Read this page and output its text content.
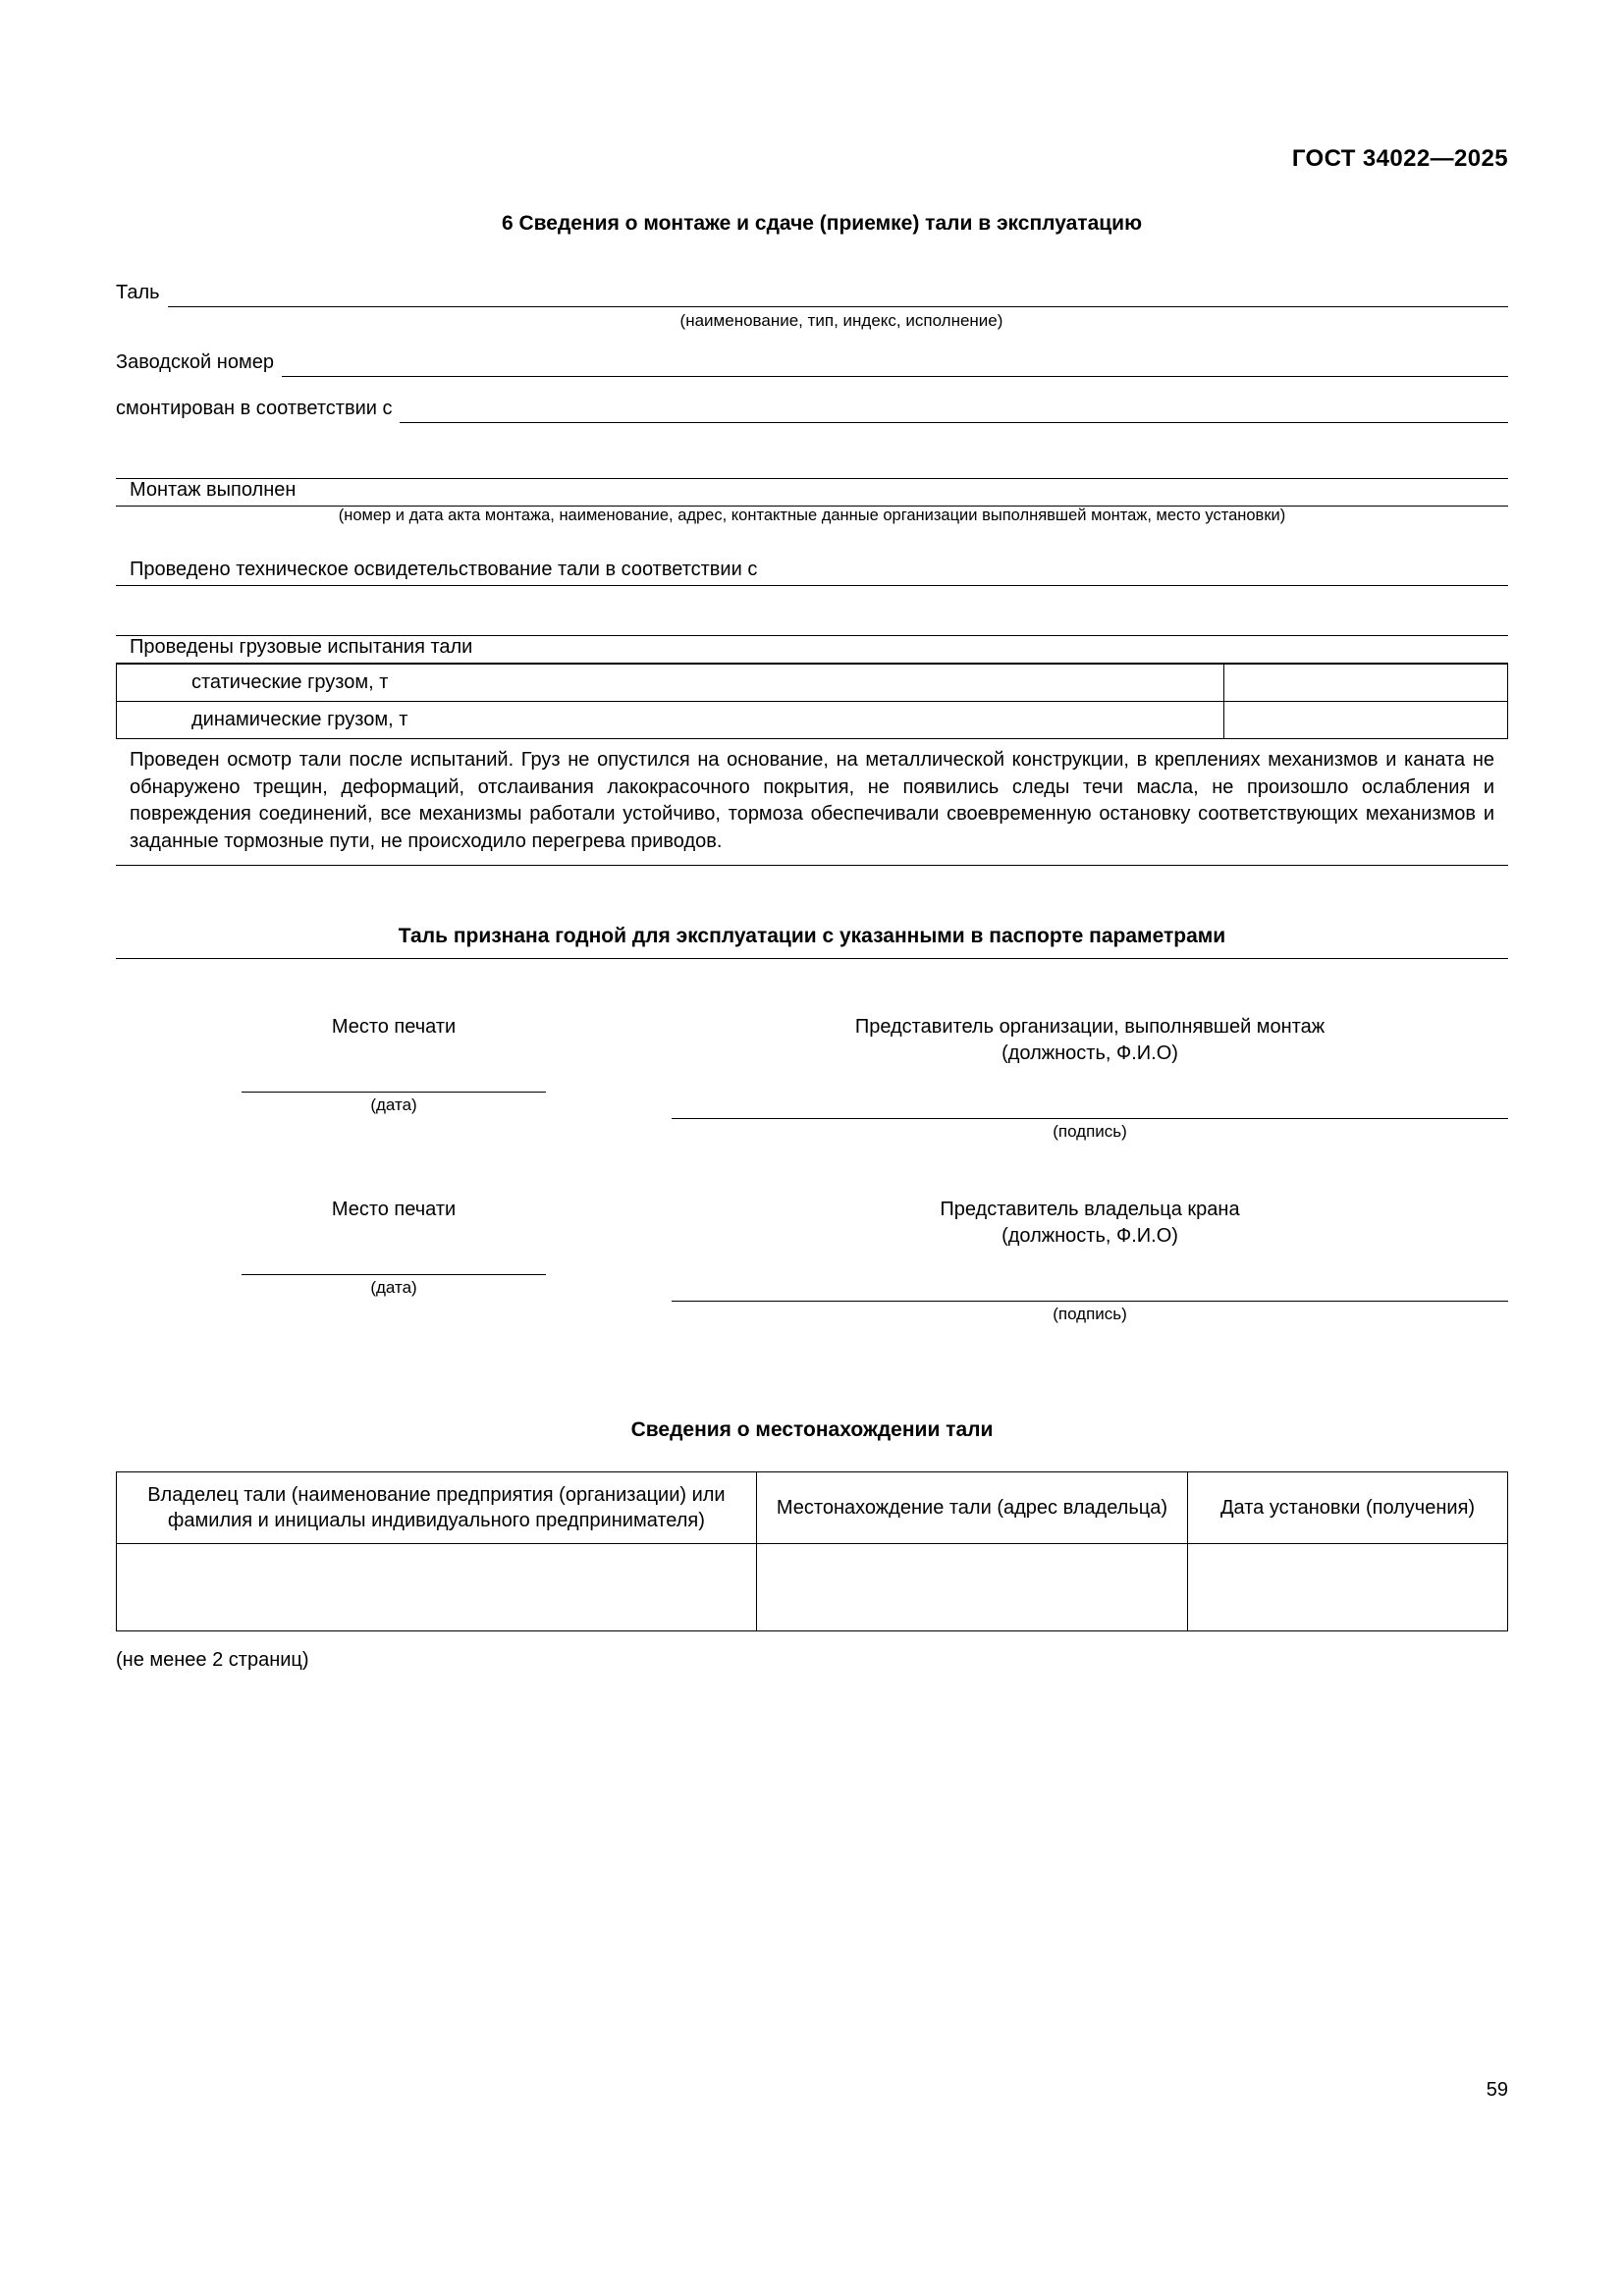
ГОСТ 34022—2025
6 Сведения о монтаже и сдаче (приемке) тали в эксплуатацию
Таль
(наименование, тип, индекс, исполнение)
Заводской номер
смонтирован в соответствии с
Монтаж выполнен
(номер и дата акта монтажа, наименование, адрес, контактные данные организации выполнявшей монтаж, место установки)
Проведено техническое освидетельствование тали в соответствии с
Проведены грузовые испытания тали
статические грузом, т	
динамические грузом, т	
Проведен осмотр тали после испытаний. Груз не опустился на основание, на металлической конструкции, в креплениях механизмов и каната не обнаружено трещин, деформаций, отслаивания лакокрасочного покрытия, не появились следы течи масла, не произошло ослабления и повреждения соединений, все механизмы работали устойчиво, тормоза обеспечивали своевременную остановку соответствующих механизмов и заданные тормозные пути, не происходило перегрева приводов.
Таль признана годной для эксплуатации с указанными в паспорте параметрами
Место печати
(дата)
Представитель организации, выполнявшей монтаж
(должность, Ф.И.О)
(подпись)
Место печати
(дата)
Представитель владельца крана
(должность, Ф.И.О)
(подпись)
Сведения о местонахождении тали
Владелец тали (наименование предприятия (организации) или фамилия и инициалы индивидуального предпринимателя)	Местонахождение тали (адрес владельца)	Дата установки (получения)

(не менее 2 страниц)
59
